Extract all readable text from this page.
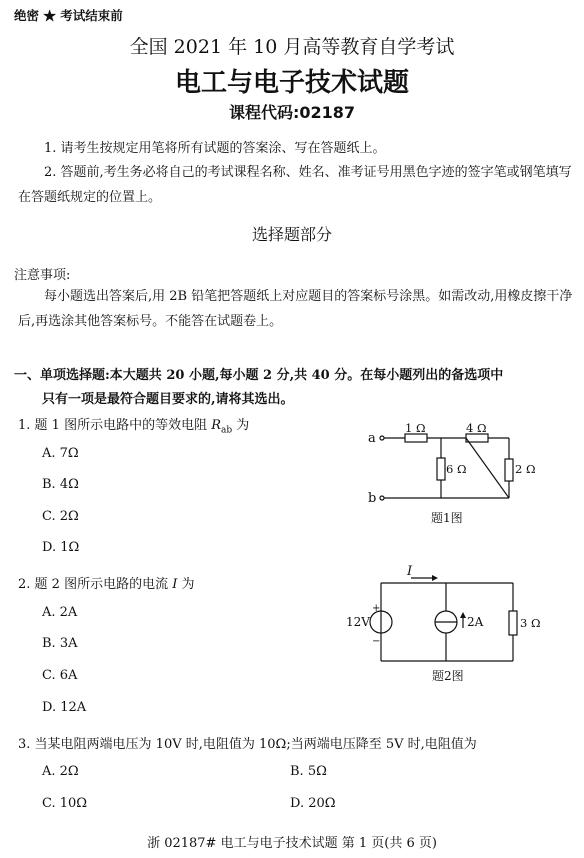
绝密 ★ 考试结束前
全国 2021 年 10 月高等教育自学考试
电工与电子技术试题
课程代码:02187
1. 请考生按规定用笔将所有试题的答案涂、写在答题纸上。
2. 答题前,考生务必将自己的考试课程名称、姓名、准考证号用黑色字迹的签字笔或钢笔填写在答题纸规定的位置上。
选择题部分
注意事项:
每小题选出答案后,用 2B 铅笔把答题纸上对应题目的答案标号涂黑。如需改动,用橡皮擦干净后,再选涂其他答案标号。不能答在试题卷上。
一、单项选择题:本大题共 20 小题,每小题 2 分,共 40 分。在每小题列出的备选项中
只有一项是最符合题目要求的,请将其选出。
1. 题 1 图所示电路中的等效电阻 $R_{ab}$ 为
A. 7Ω
B. 4Ω
C. 2Ω
D. 1Ω
a
b
1 Ω	4 Ω
6 Ω	2 Ω
题1图
2. 题 2 图所示电路的电流 I 为
A. 2A
B. 3A
C. 6A
D. 12A
I
12V
+
−
2A	3 Ω
题2图
3. 当某电阻两端电压为 10V 时,电阻值为 10Ω;当两端电压降至 5V 时,电阻值为
A. 2Ω	B. 5Ω
C. 10Ω	D. 20Ω
浙 02187# 电工与电子技术试题 第 1 页(共 6 页)
